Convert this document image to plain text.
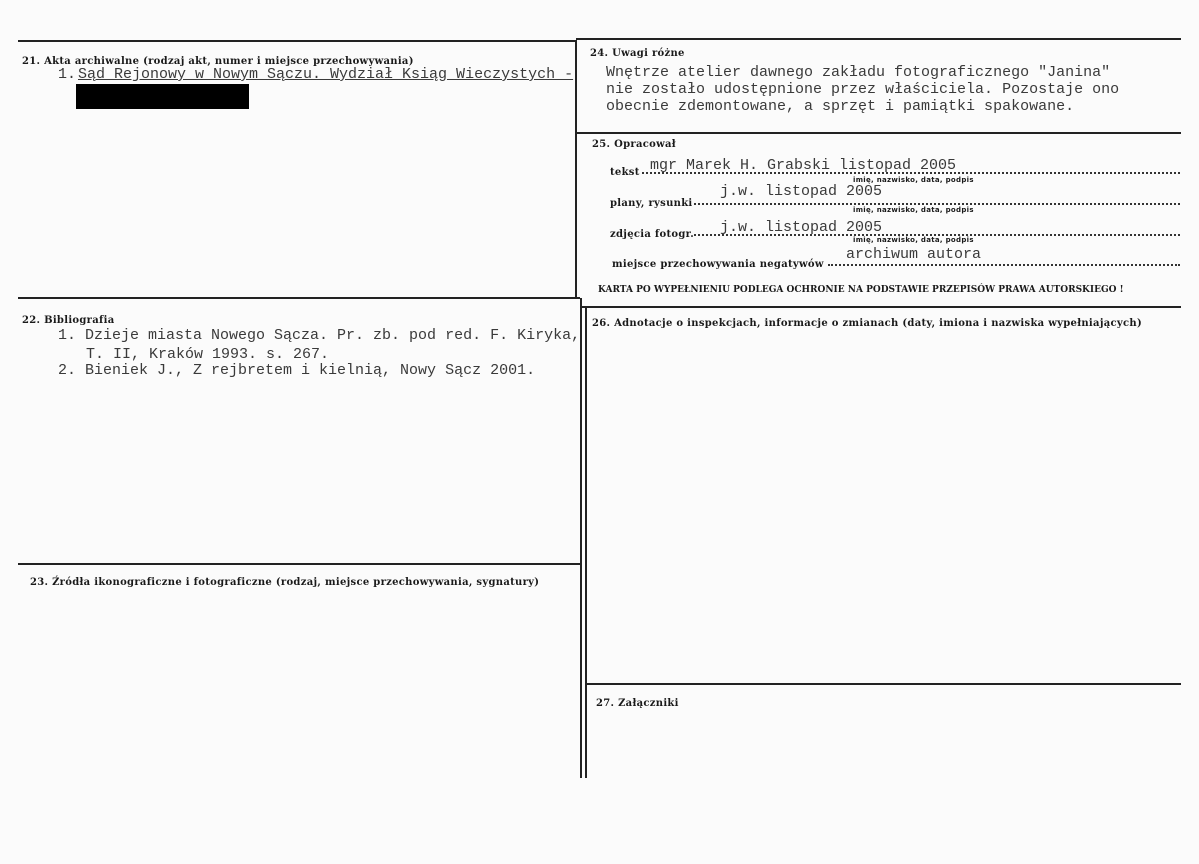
21. Akta archiwalne (rodzaj akt, numer i miejsce przechowywania)
1. Sąd Rejonowy w Nowym Sączu. Wydział Ksiąg Wieczystych -
22. Bibliografia
1. Dzieje miasta Nowego Sącza. Pr. zb. pod red. F. Kiryka,
T. II, Kraków 1993. s. 267.
2. Bieniek J., Z rejbretem i kielnią, Nowy Sącz 2001.
23. Źródła ikonograficzne i fotograficzne (rodzaj, miejsce przechowywania, sygnatury)
24. Uwagi różne
Wnętrze atelier dawnego zakładu fotograficznego "Janina"
nie zostało udostępnione przez właściciela. Pozostaje ono
obecnie zdemontowane, a sprzęt i pamiątki spakowane.
25. Opracował
tekst mgr Marek H. Grabski listopad 2005
imię, nazwisko, data, podpis
plany, rysunki
j.w. listopad 2005
imię, nazwisko, data, podpis
zdjęcia fotogr. j.w. listopad 2005
imię, nazwisko, data, podpis
miejsce przechowywania negatywów
archiwum autora
KARTA PO WYPEŁNIENIU PODLEGA OCHRONIE NA PODSTAWIE PRZEPISÓW PRAWA AUTORSKIEGO !
26. Adnotacje o inspekcjach, informacje o zmianach (daty, imiona i nazwiska wypełniających)
27. Załączniki
